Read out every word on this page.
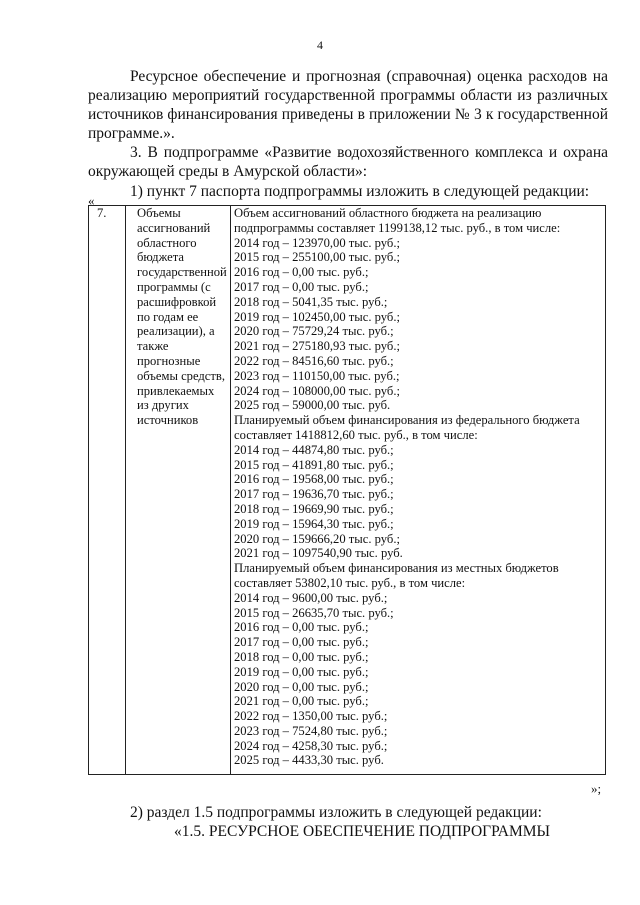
4
Ресурсное обеспечение и прогнозная (справочная) оценка расходов на
реализацию мероприятий государственной программы области из различных
источников финансирования приведены в приложении № 3 к государственной
программе.».
3. В подпрограмме «Развитие водохозяйственного комплекса и охрана
окружающей среды в Амурской области»:
1) пункт 7 паспорта подпрограммы изложить в следующей редакции:
«
7.	Объемы
ассигнований
областного
бюджета
государственной
программы (с
расшифровкой
по годам ее
реализации), а
также
прогнозные
объемы средств,
привлекаемых
из других
источников

Объем ассигнований областного бюджета на реализацию
подпрограммы составляет 1199138,12 тыс. руб., в том числе:
2014 год – 123970,00 тыс. руб.;
2015 год – 255100,00 тыс. руб.;
2016 год – 0,00 тыс. руб.;
2017 год – 0,00 тыс. руб.;
2018 год – 5041,35 тыс. руб.;
2019 год – 102450,00 тыс. руб.;
2020 год – 75729,24 тыс. руб.;
2021 год – 275180,93 тыс. руб.;
2022 год – 84516,60 тыс. руб.;
2023 год – 110150,00 тыс. руб.;
2024 год – 108000,00 тыс. руб.;
2025 год – 59000,00 тыс. руб.
Планируемый объем финансирования из федерального бюджета
составляет 1418812,60 тыс. руб., в том числе:
2014 год – 44874,80 тыс. руб.;
2015 год – 41891,80 тыс. руб.;
2016 год – 19568,00 тыс. руб.;
2017 год – 19636,70 тыс. руб.;
2018 год – 19669,90 тыс. руб.;
2019 год – 15964,30 тыс. руб.;
2020 год – 159666,20 тыс. руб.;
2021 год – 1097540,90 тыс. руб.
Планируемый объем финансирования из местных бюджетов
составляет 53802,10 тыс. руб., в том числе:
2014 год – 9600,00 тыс. руб.;
2015 год – 26635,70 тыс. руб.;
2016 год – 0,00 тыс. руб.;
2017 год – 0,00 тыс. руб.;
2018 год – 0,00 тыс. руб.;
2019 год – 0,00 тыс. руб.;
2020 год – 0,00 тыс. руб.;
2021 год – 0,00 тыс. руб.;
2022 год – 1350,00 тыс. руб.;
2023 год – 7524,80 тыс. руб.;
2024 год – 4258,30 тыс. руб.;
2025 год – 4433,30 тыс. руб.
»;
2) раздел 1.5 подпрограммы изложить в следующей редакции:
«1.5. РЕСУРСНОЕ ОБЕСПЕЧЕНИЕ ПОДПРОГРАММЫ
